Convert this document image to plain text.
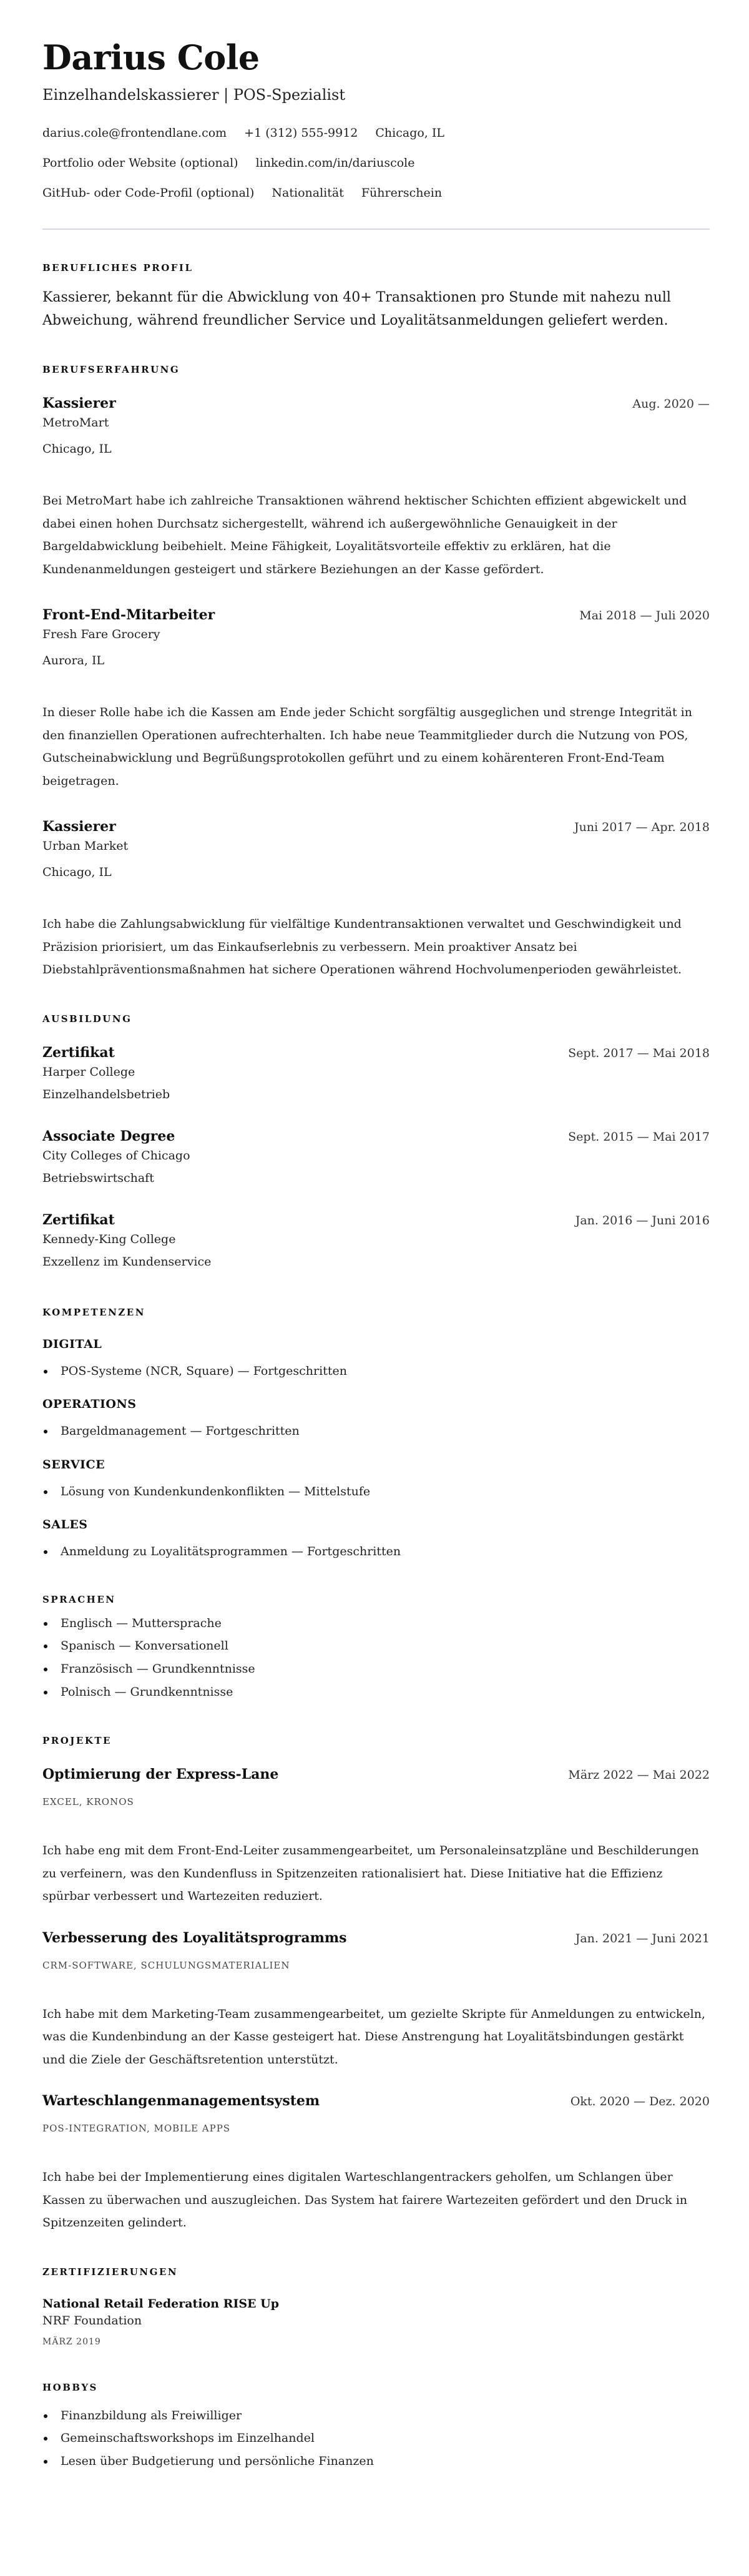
Darius Cole
Einzelhandelskassierer | POS-Spezialist
darius.cole@frontendlane.com +1 (312) 555-9912 Chicago, IL
Portfolio oder Website (optional) linkedin.com/in/dariuscole
GitHub- oder Code-Profil (optional) Nationalität Führerschein
BERUFLICHES PROFIL
Kassierer, bekannt für die Abwicklung von 40+ Transaktionen pro Stunde mit nahezu null Abweichung, während freundlicher Service und Loyalitätsanmeldungen geliefert werden.
BERUFSERFAHRUNG
Kassierer	Aug. 2020 —
MetroMart
Chicago, IL
Bei MetroMart habe ich zahlreiche Transaktionen während hektischer Schichten effizient abgewickelt und dabei einen hohen Durchsatz sichergestellt, während ich außergewöhnliche Genauigkeit in der Bargeldabwicklung beibehielt. Meine Fähigkeit, Loyalitätsvorteile effektiv zu erklären, hat die Kundenanmeldungen gesteigert und stärkere Beziehungen an der Kasse gefördert.
Front-End-Mitarbeiter	Mai 2018 — Juli 2020
Fresh Fare Grocery
Aurora, IL
In dieser Rolle habe ich die Kassen am Ende jeder Schicht sorgfältig ausgeglichen und strenge Integrität in den finanziellen Operationen aufrechterhalten. Ich habe neue Teammitglieder durch die Nutzung von POS, Gutscheinabwicklung und Begrüßungsprotokollen geführt und zu einem kohärenteren Front-End-Team beigetragen.
Kassierer	Juni 2017 — Apr. 2018
Urban Market
Chicago, IL
Ich habe die Zahlungsabwicklung für vielfältige Kundentransaktionen verwaltet und Geschwindigkeit und Präzision priorisiert, um das Einkaufserlebnis zu verbessern. Mein proaktiver Ansatz bei Diebstahlpräventionsmaßnahmen hat sichere Operationen während Hochvolumenperioden gewährleistet.
AUSBILDUNG
Zertifikat	Sept. 2017 — Mai 2018
Harper College
Einzelhandelsbetrieb
Associate Degree	Sept. 2015 — Mai 2017
City Colleges of Chicago
Betriebswirtschaft
Zertifikat	Jan. 2016 — Juni 2016
Kennedy-King College
Exzellenz im Kundenservice
KOMPETENZEN
DIGITAL
POS-Systeme (NCR, Square) — Fortgeschritten
OPERATIONS
Bargeldmanagement — Fortgeschritten
SERVICE
Lösung von Kundenkundenkonflikten — Mittelstufe
SALES
Anmeldung zu Loyalitätsprogrammen — Fortgeschritten
SPRACHEN
Englisch — Muttersprache
Spanisch — Konversationell
Französisch — Grundkenntnisse
Polnisch — Grundkenntnisse
PROJEKTE
Optimierung der Express-Lane	März 2022 — Mai 2022
EXCEL, KRONOS
Ich habe eng mit dem Front-End-Leiter zusammengearbeitet, um Personaleinsatzpläne und Beschilderungen zu verfeinern, was den Kundenfluss in Spitzenzeiten rationalisiert hat. Diese Initiative hat die Effizienz spürbar verbessert und Wartezeiten reduziert.
Verbesserung des Loyalitätsprogramms	Jan. 2021 — Juni 2021
CRM-SOFTWARE, SCHULUNGSMATERIALIEN
Ich habe mit dem Marketing-Team zusammengearbeitet, um gezielte Skripte für Anmeldungen zu entwickeln, was die Kundenbindung an der Kasse gesteigert hat. Diese Anstrengung hat Loyalitätsbindungen gestärkt und die Ziele der Geschäftsretention unterstützt.
Warteschlangenmanagementsystem	Okt. 2020 — Dez. 2020
POS-INTEGRATION, MOBILE APPS
Ich habe bei der Implementierung eines digitalen Warteschlangentrackers geholfen, um Schlangen über Kassen zu überwachen und auszugleichen. Das System hat fairere Wartezeiten gefördert und den Druck in Spitzenzeiten gelindert.
ZERTIFIZIERUNGEN
National Retail Federation RISE Up
NRF Foundation
MÄRZ 2019
HOBBYS
Finanzbildung als Freiwilliger
Gemeinschaftsworkshops im Einzelhandel
Lesen über Budgetierung und persönliche Finanzen
